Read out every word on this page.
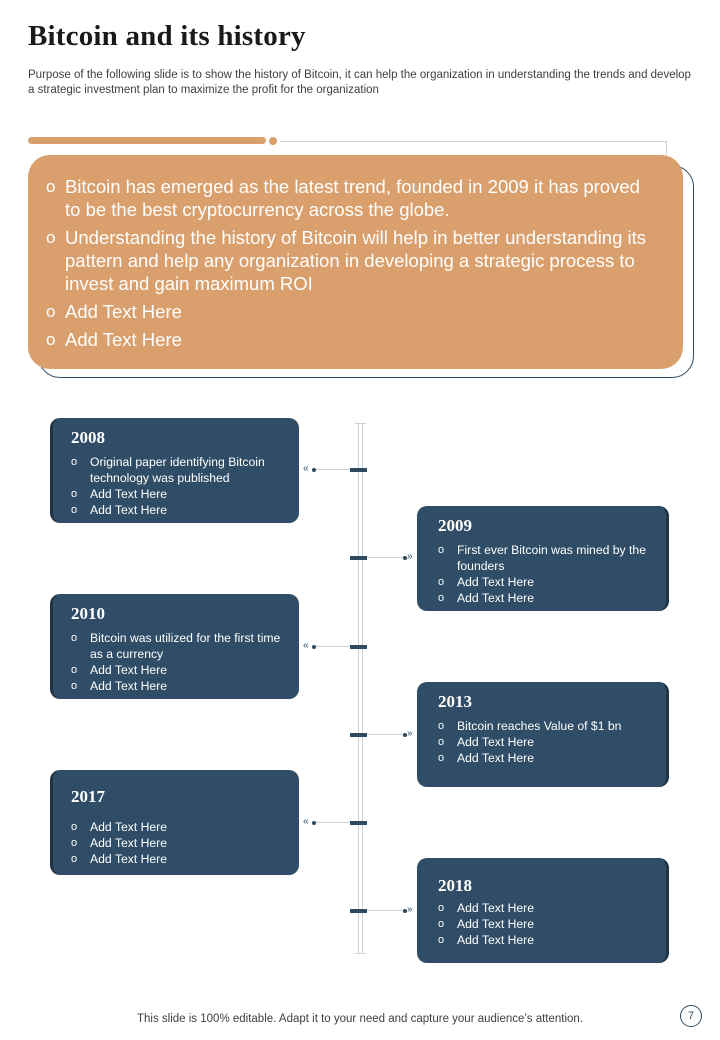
Bitcoin and its history
Purpose of the following slide is to show the history of Bitcoin, it can help the organization in understanding the trends and develop a strategic investment plan to maximize the profit for the organization
o Bitcoin has emerged as the latest trend, founded in 2009 it has proved to be the best cryptocurrency across the globe.
o Understanding the history of Bitcoin will help in better understanding its pattern and help any organization in developing a strategic process to invest and gain maximum ROI
o Add Text Here
o Add Text Here
«
«
«
»
»
»
2008
o Original paper identifying Bitcoin technology was published
o Add Text Here
o Add Text Here
2009
o First ever Bitcoin was mined by the founders
o Add Text Here
o Add Text Here
2010
o Bitcoin was utilized for the first time as a currency
o Add Text Here
o Add Text Here
2013
o Bitcoin reaches Value of $1 bn
o Add Text Here
o Add Text Here
2017
o Add Text Here
o Add Text Here
o Add Text Here
2018
o Add Text Here
o Add Text Here
o Add Text Here
This slide is 100% editable. Adapt it to your need and capture your audience’s attention.	7
